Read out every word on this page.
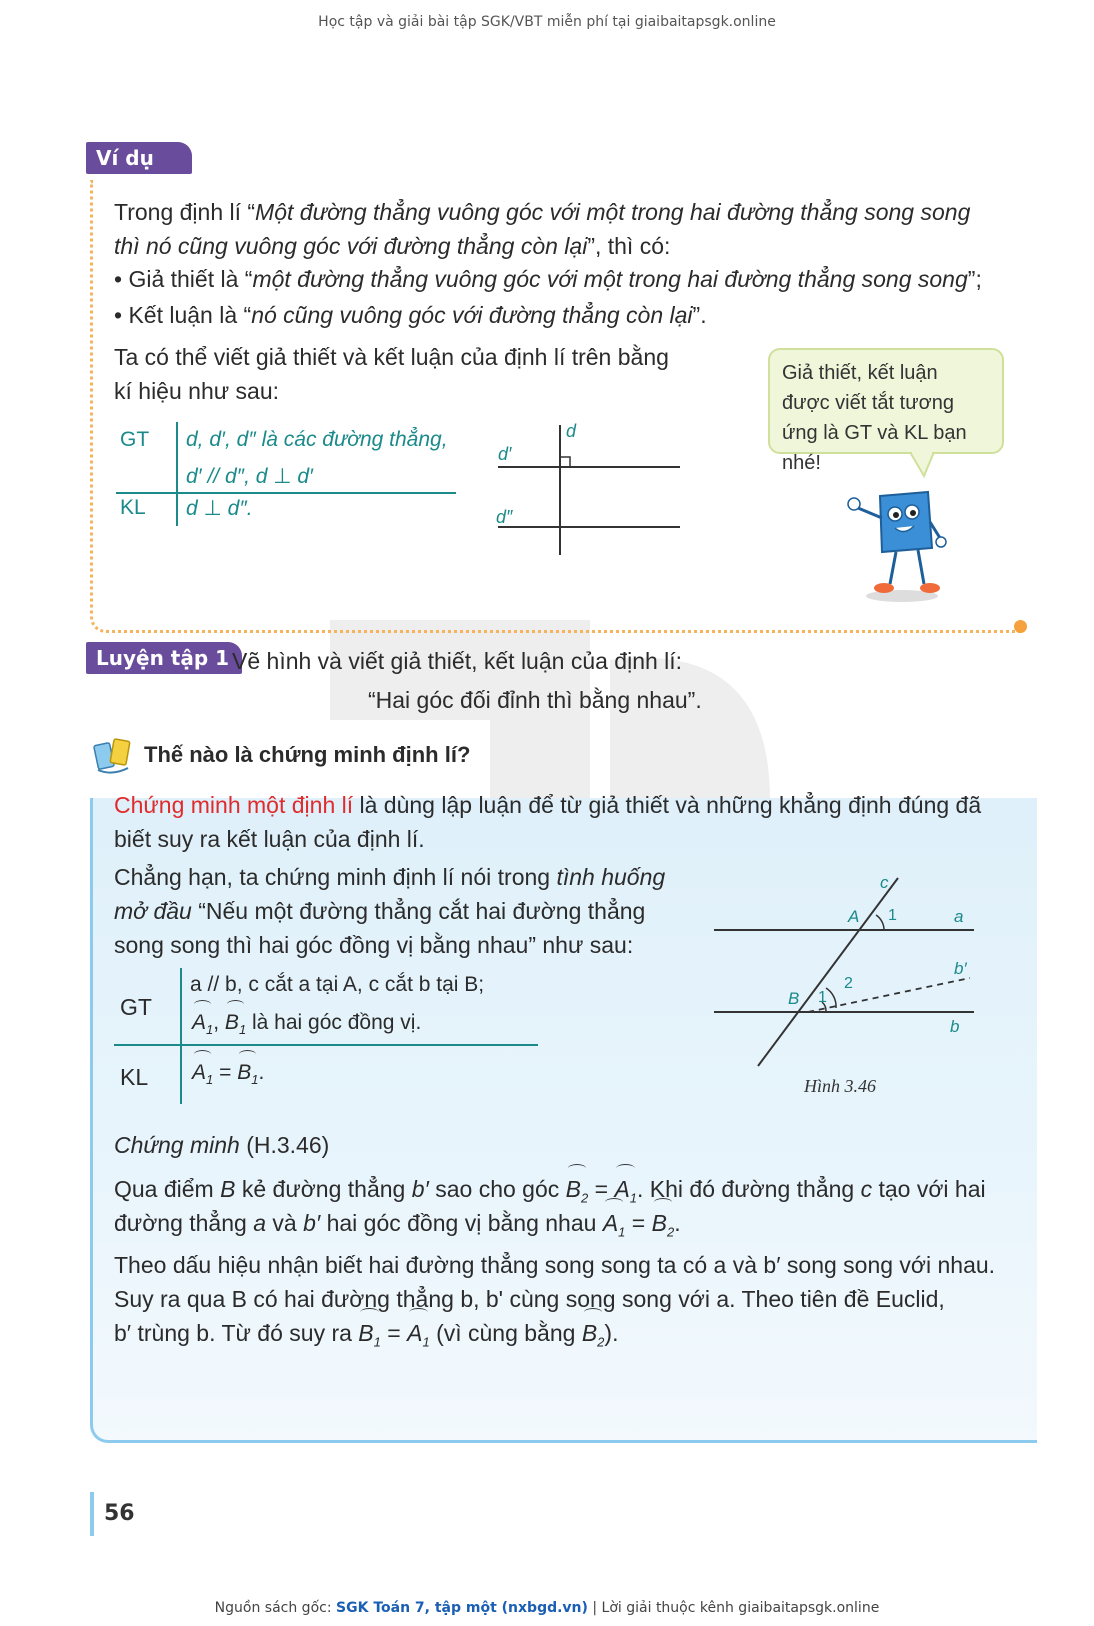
Học tập và giải bài tập SGK/VBT miễn phí tại giaibaitapsgk.online
Ví dụ
Trong định lí “Một đường thẳng vuông góc với một trong hai đường thẳng song song
thì nó cũng vuông góc với đường thẳng còn lại”, thì có:
• Giả thiết là “một đường thẳng vuông góc với một trong hai đường thẳng song song”;
• Kết luận là “nó cũng vuông góc với đường thẳng còn lại”.
Ta có thể viết giả thiết và kết luận của định lí trên bằng
kí hiệu như sau:
GT
KL
d, d′, d″ là các đường thẳng,
d′ // d″, d ⊥ d′
d ⊥ d″.
d
d′
d″
Giả thiết, kết luận được viết tắt tương ứng là GT và KL bạn nhé!
Luyện tập 1 Vẽ hình và viết giả thiết, kết luận của định lí:
“Hai góc đối đỉnh thì bằng nhau”.
Thế nào là chứng minh định lí?
Chứng minh một định lí là dùng lập luận để từ giả thiết và những khẳng định đúng đã
biết suy ra kết luận của định lí.
Chẳng hạn, ta chứng minh định lí nói trong tình huống
mở đầu “Nếu một đường thẳng cắt hai đường thẳng
song song thì hai góc đồng vị bằng nhau” như sau:
GT
KL
a // b, c cắt a tại A, c cắt b tại B;
$A_1$, $B_1$ là hai góc đồng vị.
$A_1 = B_1$.
c
A 1	a
b′
2
B 1
b
Hình 3.46
Chứng minh (H.3.46)
Qua điểm B kẻ đường thẳng b′ sao cho góc $B_2 = A_1$. Khi đó đường thẳng c tạo với hai
đường thẳng a và b′ hai góc đồng vị bằng nhau $A_1 = B_2$.
Theo dấu hiệu nhận biết hai đường thẳng song song ta có a và b′ song song với nhau.
Suy ra qua B có hai đường thẳng b, b' cùng song song với a. Theo tiên đề Euclid,
b′ trùng b. Từ đó suy ra $B_1 = A_1$ (vì cùng bằng $B_2$).
56
Nguồn sách gốc: SGK Toán 7, tập một (nxbgd.vn) | Lời giải thuộc kênh giaibaitapsgk.online
